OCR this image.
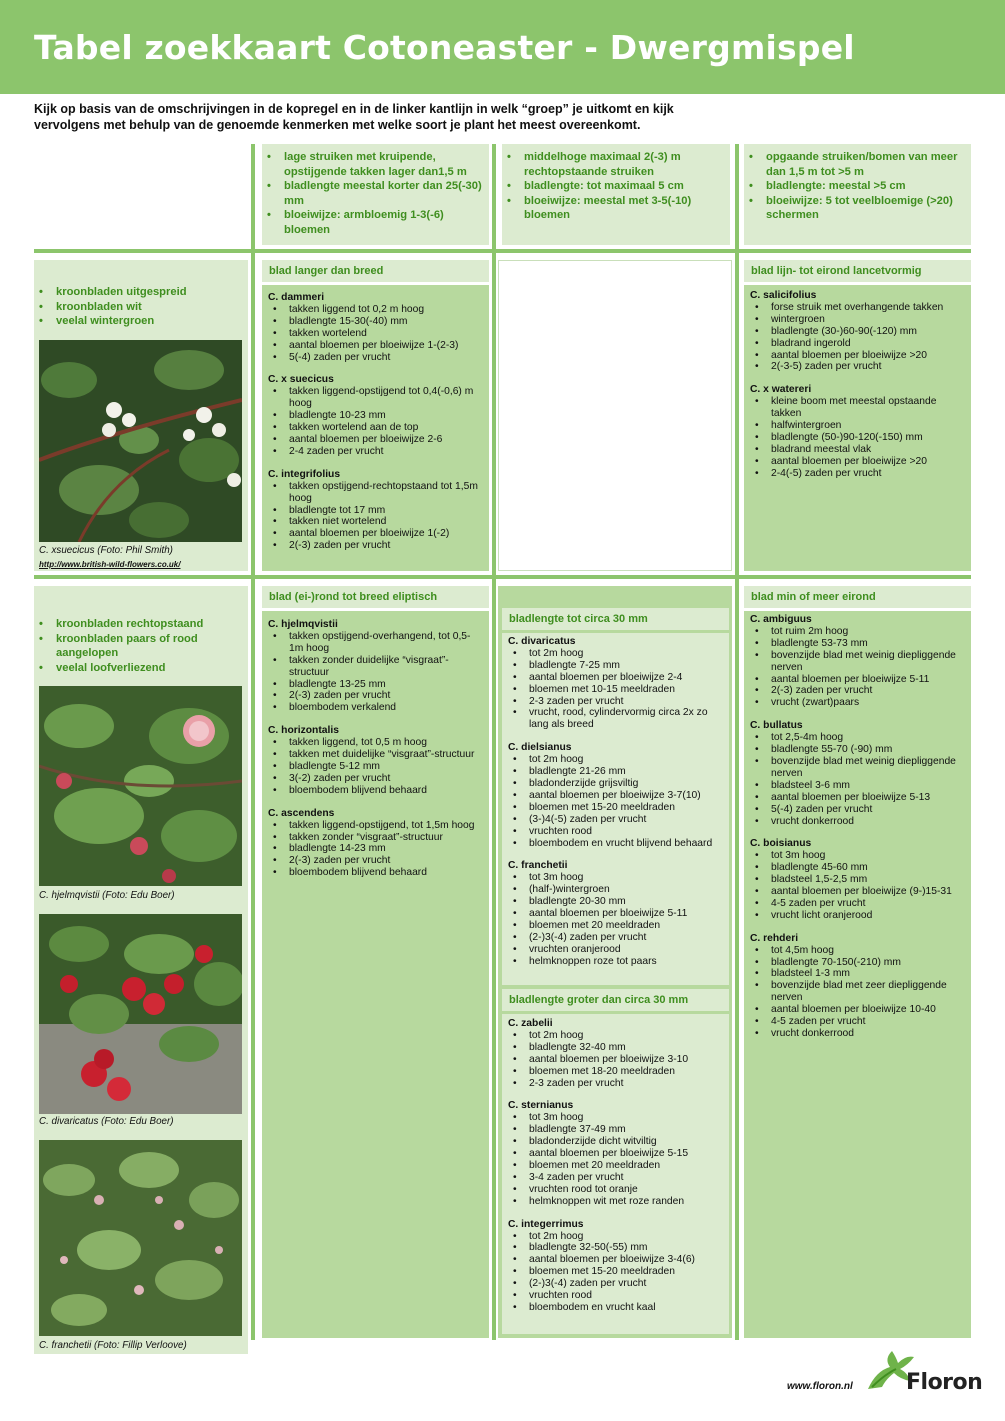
Tabel zoekkaart Cotoneaster - Dwergmispel

Kijk op basis van de omschrijvingen in de kopregel en in de linker kantlijn in welk “groep” je uitkomt en kijk vervolgens met behulp van de genoemde kenmerken met welke soort je plant het meest overeenkomt.

• lage struiken met kruipende, opstijgende takken lager dan1,5 m
• bladlengte meestal korter dan 25(-30) mm
• bloeiwijze: armbloemig 1-3(-6) bloemen
• middelhoge maximaal 2(-3) m rechtopstaande struiken
• bladlengte: tot maximaal 5 cm
• bloeiwijze: meestal met 3-5(-10) bloemen
• opgaande struiken/bomen van meer dan 1,5 m tot >5 m
• bladlengte: meestal >5 cm
• bloeiwijze: 5 tot veelbloemige (>20) schermen
• kroonbladen uitgespreid
• kroonbladen wit
• veelal wintergroen
C. xsuecicus (Foto: Phil Smith)
http://www.british-wild-flowers.co.uk/
blad langer dan breed
C. dammeri
• takken liggend tot 0,2 m hoog
• bladlengte 15-30(-40) mm
• takken wortelend
• aantal bloemen per bloeiwijze 1-(2-3)
• 5(-4) zaden per vrucht
C. x suecicus
• takken liggend-opstijgend tot 0,4(-0,6) m hoog
• bladlengte 10-23 mm
• takken wortelend aan de top
• aantal bloemen per bloeiwijze 2-6
• 2-4 zaden per vrucht
C. integrifolius
• takken opstijgend-rechtopstaand tot 1,5m hoog
• bladlengte tot 17 mm
• takken niet wortelend
• aantal bloemen per bloeiwijze 1(-2)
• 2(-3) zaden per vrucht
blad lijn- tot eirond lancetvormig
C. salicifolius
• forse struik met overhangende takken
• wintergroen
• bladlengte (30-)60-90(-120) mm
• bladrand ingerold
• aantal bloemen per bloeiwijze >20
• 2(-3-5) zaden per vrucht
C. x watereri
• kleine boom met meestal opstaande takken
• halfwintergroen
• bladlengte (50-)90-120(-150) mm
• bladrand meestal vlak
• aantal bloemen per bloeiwijze >20
• 2-4(-5) zaden per vrucht
• kroonbladen rechtopstaand
• kroonbladen paars of rood aangelopen
• veelal loofverliezend
C. hjelmqvistii (Foto: Edu Boer)
C. divaricatus (Foto: Edu Boer)
C. franchetii (Foto: Fillip Verloove)
blad (ei-)rond tot breed eliptisch
C. hjelmqvistii
• takken opstijgend-overhangend, tot 0,5-1m hoog
• takken zonder duidelijke “visgraat”-structuur
• bladlengte 13-25 mm
• 2(-3) zaden per vrucht
• bloembodem verkalend
C. horizontalis
• takken liggend, tot 0,5 m hoog
• takken met duidelijke “visgraat”-structuur
• bladlengte 5-12 mm
• 3(-2) zaden per vrucht
• bloembodem blijvend behaard
C. ascendens
• takken liggend-opstijgend, tot 1,5m hoog
• takken zonder “visgraat”-structuur
• bladlengte 14-23 mm
• 2(-3) zaden per vrucht
• bloembodem blijvend behaard
bladlengte tot circa 30 mm
C. divaricatus
• tot 2m hoog
• bladlengte 7-25 mm
• aantal bloemen per bloeiwijze 2-4
• bloemen met 10-15 meeldraden
• 2-3 zaden per vrucht
• vrucht, rood, cylindervormig circa 2x zo lang als breed
C. dielsianus
• tot 2m hoog
• bladlengte 21-26 mm
• bladonderzijde grijsviltig
• aantal bloemen per bloeiwijze 3-7(10)
• bloemen met 15-20 meeldraden
• (3-)4(-5) zaden per vrucht
• vruchten rood
• bloembodem en vrucht blijvend behaard
C. franchetii
• tot 3m hoog
• (half-)wintergroen
• bladlengte 20-30 mm
• aantal bloemen per bloeiwijze 5-11
• bloemen met 20 meeldraden
• (2-)3(-4) zaden per vrucht
• vruchten oranjerood
• helmknoppen roze tot paars
bladlengte groter dan circa 30 mm
C. zabelii
• tot 2m hoog
• bladlengte 32-40 mm
• aantal bloemen per bloeiwijze 3-10
• bloemen met 18-20 meeldraden
• 2-3 zaden per vrucht
C. sternianus
• tot 3m hoog
• bladlengte 37-49 mm
• bladonderzijde dicht witviltig
• aantal bloemen per bloeiwijze 5-15
• bloemen met 20 meeldraden
• 3-4 zaden per vrucht
• vruchten rood tot oranje
• helmknoppen wit met roze randen
C. integerrimus
• tot 2m hoog
• bladlengte 32-50(-55) mm
• aantal bloemen per bloeiwijze 3-4(6)
• bloemen met 15-20 meeldraden
• (2-)3(-4) zaden per vrucht
• vruchten rood
• bloembodem en vrucht kaal
blad min of meer eirond
C. ambiguus
• tot ruim 2m hoog
• bladlengte 53-73 mm
• bovenzijde blad met weinig diepliggende nerven
• aantal bloemen per bloeiwijze 5-11
• 2(-3) zaden per vrucht
• vrucht (zwart)paars
C. bullatus
• tot 2,5-4m hoog
• bladlengte 55-70 (-90) mm
• bovenzijde blad met weinig diepliggende nerven
• bladsteel 3-6 mm
• aantal bloemen per bloeiwijze 5-13
• 5(-4) zaden per vrucht
• vrucht donkerrood
C. boisianus
• tot 3m hoog
• bladlengte 45-60 mm
• bladsteel 1,5-2,5 mm
• aantal bloemen per bloeiwijze (9-)15-31
• 4-5 zaden per vrucht
• vrucht licht oranjerood
C. rehderi
• tot 4,5m hoog
• bladlengte 70-150(-210) mm
• bladsteel 1-3 mm
• bovenzijde blad met zeer diepliggende nerven
• aantal bloemen per bloeiwijze 10-40
• 4-5 zaden per vrucht
• vrucht donkerrood
www.floron.nl Floron
